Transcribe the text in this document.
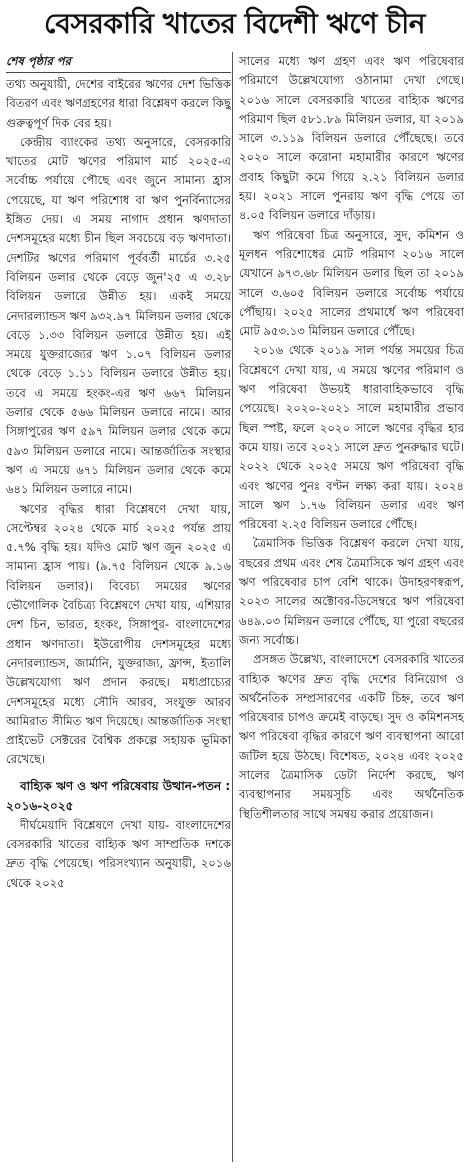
বেসরকারি খাতের বিদেশী ঋণে চীন
শেষ পৃষ্ঠার পর

তথ্য অনুযায়ী, দেশের বাইরের ঋণের দেশ ভিত্তিক বিতরণ এবং ঋণগ্রহণের ধারা বিশ্লেষণ করলে কিছু গুরুত্বপূর্ণ দিক বের হয়।

কেন্দ্রীয় ব্যাংকের তথ্য অনুসারে, বেসরকারি খাতের মোট ঋণের পরিমাণ মার্চ ২০২৫-এ সর্বোচ্চ পর্যায়ে পৌছে এবং জুনে সামান্য হ্রাস পেয়েছে, যা ঋণ পরিশোধ বা ঋণ পুনর্বিন্যাসের ইঙ্গিত দেয়। এ সময় নাগাদ প্রধান ঋণদাতা দেশসমূহের মধ্যে চীন ছিল সবচেয়ে বড় ঋণদাতা। দেশটির ঋণের পরিমাণ পূর্ববর্তী মার্চের ৩.২৫ বিলিয়ন ডলার থেকে বেড়ে জুন'২৫ এ ৩.২৮ বিলিয়ন ডলারে উন্নীত হয়। একই সময়ে নেদারল্যান্ডস ঋণ ৯৩২.৯৭ মিলিয়ন ডলার থেকে বেড়ে ১.৩৩ বিলিয়ন ডলারে উন্নীত হয়। এই সময়ে যুক্তরাজ্যের ঋণ ১.০৭ বিলিয়ন ডলার থেকে বেড়ে ১.১১ বিলিয়ন ডলারে উন্নীত হয়। তবে এ সময়ে হংকং-এর ঋণ ৬৬৭ মিলিয়ন ডলার থেকে ৫৬৬ মিলিয়ন ডলারে নামে। আর সিঙ্গাপুরের ঋণ ৫৯৭ মিলিয়ন ডলার থেকে কমে ৫৯৩ মিলিয়ন ডলারে নামে। আন্তর্জাতিক সংস্থার ঋণ এ সময়ে ৬৭১ মিলিয়ন ডলার থেকে কমে ৬৪১ মিলিয়ন ডলারে নামে।

ঋণের বৃদ্ধির ধারা বিশ্লেষণে দেখা যায়, সেপ্টেম্বর ২০২৪ থেকে মার্চ ২০২৫ পর্যন্ত প্রায় ৫.৭% বৃদ্ধি হয়। যদিও মোট ঋণ জুন ২০২৫ এ সামান্য হ্রাস পায়। (৯.৭৫ বিলিয়ন থেকে ৯.১৬ বিলিয়ন ডলার)। বিবেচ্য সময়ের ঋণের ভৌগোলিক বৈচিত্র্য বিশ্লেষণে দেখা যায়, এশিয়ার দেশ চিন, ভারত, হংকং, সিঙ্গাপুর- বাংলাদেশের প্রধান ঋণদাতা। ইউরোপীয় দেশসমূহের মধ্যে নেদারল্যান্ডস, জার্মানি, যুক্তরাজ্য, ফ্রান্স, ইতালি উল্লেখযোগ্য ঋণ প্রদান করছে। মধ্যপ্রাচ্যের দেশসমূহের মধ্যে সৌদি আরব, সংযুক্ত আরব আমিরাত সীমিত ঋণ দিয়েছে। আন্তর্জাতিক সংস্থা প্রাইভেট সেক্টরের বৈশ্বিক প্রকল্পে সহায়ক ভূমিকা রেখেছে।

বাহ্যিক ঋণ ও ঋণ পরিষেবায় উত্থান-পতন : ২০১৬-২০২৫

দীর্ঘমেয়াদি বিশ্লেষণে দেখা যায়- বাংলাদেশের বেসরকারি খাতের বাহ্যিক ঋণ সাম্প্রতিক দশকে দ্রুত বৃদ্ধি পেয়েছে। পরিসংখ্যান অনুযায়ী, ২০১৬ থেকে ২০২৫

সালের মধ্যে ঋণ গ্রহণ এবং ঋণ পরিষেবার পরিমাণে উল্লেখযোগ্য ওঠানামা দেখা গেছে। ২০১৬ সালে বেসরকারি খাতের বাহ্যিক ঋণের পরিমাণ ছিল ৫৮১.৮৯ মিলিয়ন ডলার, যা ২০১৯ সালে ৩.১১৯ বিলিয়ন ডলারে পৌঁছেছে। তবে ২০২০ সালে করোনা মহামারীর কারণে ঋণের প্রবাহ কিছুটা কমে গিয়ে ২.২১ বিলিয়ন ডলার হয়। ২০২১ সালে পুনরায় ঋণ বৃদ্ধি পেয়ে তা ৪.০৫ বিলিয়ন ডলারে দাঁড়ায়।

ঋণ পরিষেবা চিত্র অনুসারে, সুদ, কমিশন ও মূলধন পরিশোধের মোট পরিমাণ ২০১৬ সালে যেখানে ৯৭৩.৬৮ মিলিয়ন ডলার ছিল তা ২০১৯ সালে ৩.৬০৫ বিলিয়ন ডলারে সর্বোচ্চ পর্যায়ে পৌঁছায়। ২০২৫ সালের প্রথমার্ধে ঋণ পরিষেবা মোট ৯৫৩.১৩ মিলিয়ন ডলারে পৌঁছে।

২০১৬ থেকে ২০১৯ সাল পর্যন্ত সময়ের চিত্র বিশ্লেষণে দেখা যায়, এ সময়ে ঋণের পরিমাণ ও ঋণ পরিষেবা উভয়ই ধারাবাহিকভাবে বৃদ্ধি পেয়েছে। ২০২০-২০২১ সালে মহামারীর প্রভাব ছিল স্পষ্ট, ফলে ২০২০ সালে ঋণের বৃদ্ধির হার কমে যায়। তবে ২০২১ সালে দ্রুত পুনরুদ্ধার ঘটে। ২০২২ থেকে ২০২৫ সময়ে ঋণ পরিষেবা বৃদ্ধি এবং ঋণের পুনঃ বণ্টন লক্ষ্য করা যায়। ২০২৪ সালে ঋণ ১.৭৬ বিলিয়ন ডলার এবং ঋণ পরিষেবা ২.২৫ বিলিয়ন ডলারে পৌঁছে।

ত্রৈমাসিক ভিত্তিক বিশ্লেষণ করলে দেখা যায়, বছরের প্রথম এবং শেষ ত্রৈমাসিকে ঋণ গ্রহণ এবং ঋণ পরিষেবার চাপ বেশি থাকে। উদাহরণস্বরূপ, ২০২৩ সালের অক্টোবর-ডিসেম্বরে ঋণ পরিষেবা ৬৪৯.০৩ মিলিয়ন ডলারে পৌঁছে, যা পুরো বছরের জন্য সর্বোচ্চ।

প্রসঙ্গত উল্লেখ্য, বাংলাদেশে বেসরকারি খাতের বাহ্যিক ঋণের দ্রুত বৃদ্ধি দেশের বিনিয়োগ ও অর্থনৈতিক সম্প্রসারণের একটি চিহ্ন, তবে ঋণ পরিষেবার চাপও ক্রমেই বাড়ছে। সুদ ও কমিশনসহ ঋণ পরিষেবা বৃদ্ধির কারণে ঋণ ব্যবস্থাপনা আরো জটিল হয়ে উঠছে। বিশেষত, ২০২৪ এবং ২০২৫ সালের ত্রৈমাসিক ডেটা নির্দেশ করছে, ঋণ ব্যবস্থাপনার সময়সূচি এবং অর্থনৈতিক স্থিতিশীলতার সাথে সমন্বয় করার প্রয়োজন।
